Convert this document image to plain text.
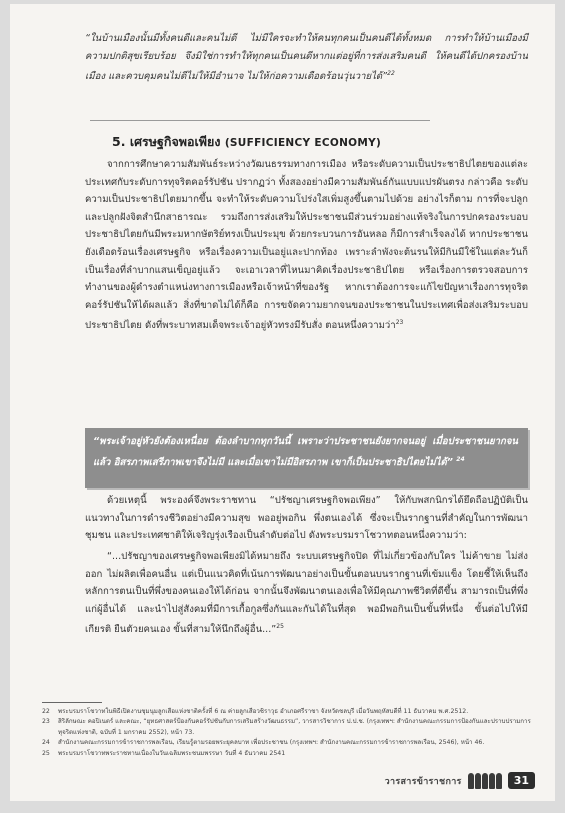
“ในบ้านเมืองนั้นมีทั้งคนดีและคนไม่ดี ไม่มีใครจะทำให้คนทุกคนเป็นคนดีได้ทั้งหมด การทำให้บ้านเมืองมีความปกติสุขเรียบร้อย จึงมิใช่การทำให้ทุกคนเป็นคนดีหากแต่อยู่ที่การส่งเสริมคนดี ให้คนดีได้ปกครองบ้านเมือง และควบคุมคนไม่ดีไม่ให้มีอำนาจ ไม่ให้ก่อความเดือดร้อนวุ่นวายได้”$^{22}$

5. เศรษฐกิจพอเพียง (SUFFICIENCY ECONOMY)

จากการศึกษาความสัมพันธ์ระหว่างวัฒนธรรมทางการเมือง หรือระดับความเป็นประชาธิปไตยของแต่ละประเทศกับระดับการทุจริตคอร์รัปชัน ปรากฏว่า ทั้งสองอย่างมีความสัมพันธ์กันแบบแปรผันตรง กล่าวคือ ระดับความเป็นประชาธิปไตยมากขึ้น จะทำให้ระดับความโปร่งใสเพิ่มสูงขึ้นตามไปด้วย อย่างไรก็ตาม การที่จะปลูกและปลูกฝังจิตสำนึกสาธารณะ รวมถึงการส่งเสริมให้ประชาชนมีส่วนร่วมอย่างแท้จริงในการปกครองระบอบประชาธิปไตยกันมีพระมหากษัตริย์ทรงเป็นประมุข ด้วยกระบวนการอันหลอ ก็มีการสำเร็จลงได้ หากประชาชนยังเดือดร้อนเรื่องเศรษฐกิจ หรือเรื่องความเป็นอยู่และปากท้อง เพราะลำพังจะต้นรนให้มีกินมีใช้ในแต่ละวันก็เป็นเรื่องที่ลำบากแสนเข็ญอยู่แล้ว จะเอาเวลาที่ไหนมาคิดเรื่องประชาธิปไตย หรือเรื่องการตรวจสอบการทำงานของผู้ดำรงตำแหน่งทางการเมืองหรือเจ้าหน้าที่ของรัฐ หากเราต้องการจะแก้ไขปัญหาเรื่องการทุจริตคอร์รัปชันให้ได้ผลแล้ว สิ่งที่ขาดไม่ได้ก็คือ การขจัดความยากจนของประชาชนในประเทศเพื่อส่งเสริมระบอบประชาธิปไตย ดังที่พระบาทสมเด็จพระเจ้าอยู่หัวทรงมีรับสั่ง ตอนหนึ่งความว่า$^{23}$

“พระเจ้าอยู่หัวยังต้องเหนื่อย ต้องลำบากทุกวันนี้ เพราะว่าประชาชนยังยากจนอยู่ เมื่อประชาชนยากจนแล้ว อิสรภาพเสรีภาพเขาจึงไม่มี และเมื่อเขาไม่มีอิสรภาพ เขาก็เป็นประชาธิปไตยไม่ได้” $^{24}$

ด้วยเหตุนี้ พระองค์จึงพระราชทาน “ปรัชญาเศรษฐกิจพอเพียง” ให้กับพสกนิกรได้ยึดถือปฏิบัติเป็นแนวทางในการดำรงชีวิตอย่างมีความสุข พออยู่พอกิน พึ่งตนเองได้ ซึ่งจะเป็นรากฐานที่สำคัญในการพัฒนาชุมชน และประเทศชาติให้เจริญรุ่งเรืองเป็นลำดับต่อไป ดังพระบรมราโชวาทตอนหนึ่งความว่า:

“...ปรัชญาของเศรษฐกิจพอเพียงมิได้หมายถึง ระบบเศรษฐกิจปิด ที่ไม่เกี่ยวข้องกับใคร ไม่ค้าขาย ไม่ส่งออก ไม่ผลิตเพื่อคนอื่น แต่เป็นแนวคิดที่เน้นการพัฒนาอย่างเป็นขั้นตอนบนรากฐานที่เข้มแข็ง โดยชี้ให้เห็นถึงหลักการตนเป็นที่พึ่งของคนเองให้ได้ก่อน จากนั้นจึงพัฒนาตนเองเพื่อให้มีคุณภาพชีวิตที่ดีขึ้น สามารถเป็นที่พึ่งแก่ผู้อื่นได้ และนำไปสู่สังคมที่มีการเกื้อกูลซึ่งกันและกันได้ในที่สุด พอมีพอกินเป็นขั้นที่หนึ่ง ขั้นต่อไปให้มีเกียรติ ยืนตัวยคนเอง ขั้นที่สามให้นึกถึงผู้อื่น...”$^{25}$

22	พระบรมราโชวาทในพิธีเปิดงานชุมนุมลูกเสือแห่งชาติครั้งที่ 6 ณ ค่ายลูกเสือวชิราวุธ อำเภอศรีราชา จังหวัดชลบุรี เมื่อวันพฤหัสบดีที่ 11 ธันวาคม พ.ศ.2512.
23	สิริลักษณะ คอปิเนตร์ และคณะ, “ยุทธศาสตร์ป้องกันคอร์รัปชันกับการเสริมสร้างวัฒนธรรม”, วารสารวิชาการ ป.ป.ช. (กรุงเทพฯ: สำนักงานคณะกรรมการป้องกันและปราบปรามการทุจริตแห่งชาติ, ฉบับที่ 1 มกราคม 2552), หน้า 73.
24	สำนักงานคณะกรรมการข้าราชการพลเรือน, เรียนรู้ตามรอยพระยุคลบาท เพื่อประชาชน (กรุงเทพฯ: สำนักงานคณะกรรมการข้าราชการพลเรือน, 2546), หน้า 46.
25	พระบรมราโชวาทพระราชทานเนื่องในวันเฉลิมพระชนมพรรษา วันที่ 4 ธันวาคม 2541
วารสารข้าราชการ	31
